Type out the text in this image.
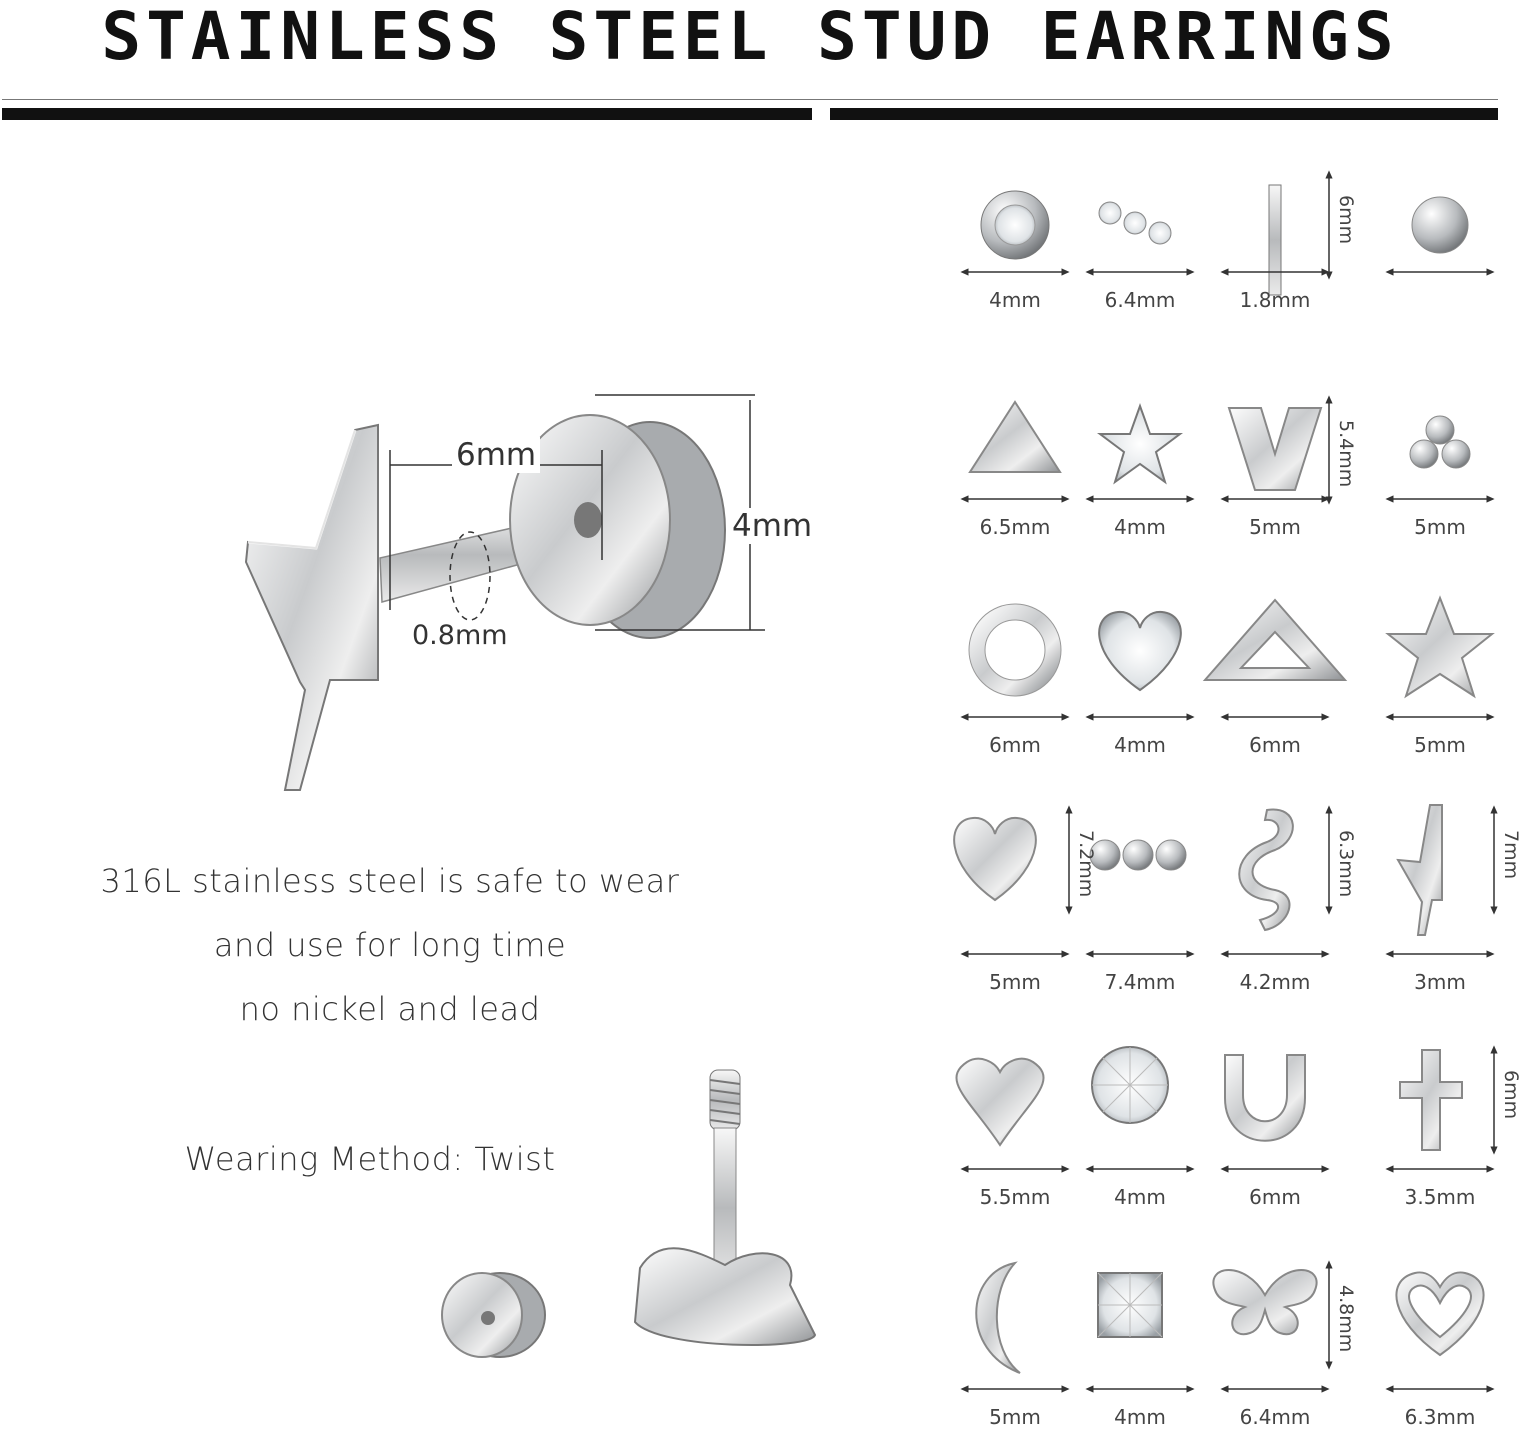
STAINLESS STEEL STUD EARRINGS
6mm
4mm
0.8mm
316L stainless steel is safe to wear
and use for long time
no nickel and lead
Wearing Method: Twist
4mm	6.4mm	1.8mm
6mm
6.5mm	4mm	5mm
5.4mm
5mm
6mm	4mm	6mm	5mm
5mm
7.2mm
7.4mm	4.2mm
6.3mm
3mm
7mm
5.5mm	4mm	6mm	3.5mm
6mm
5mm	4mm	6.4mm
4.8mm
6.3mm
